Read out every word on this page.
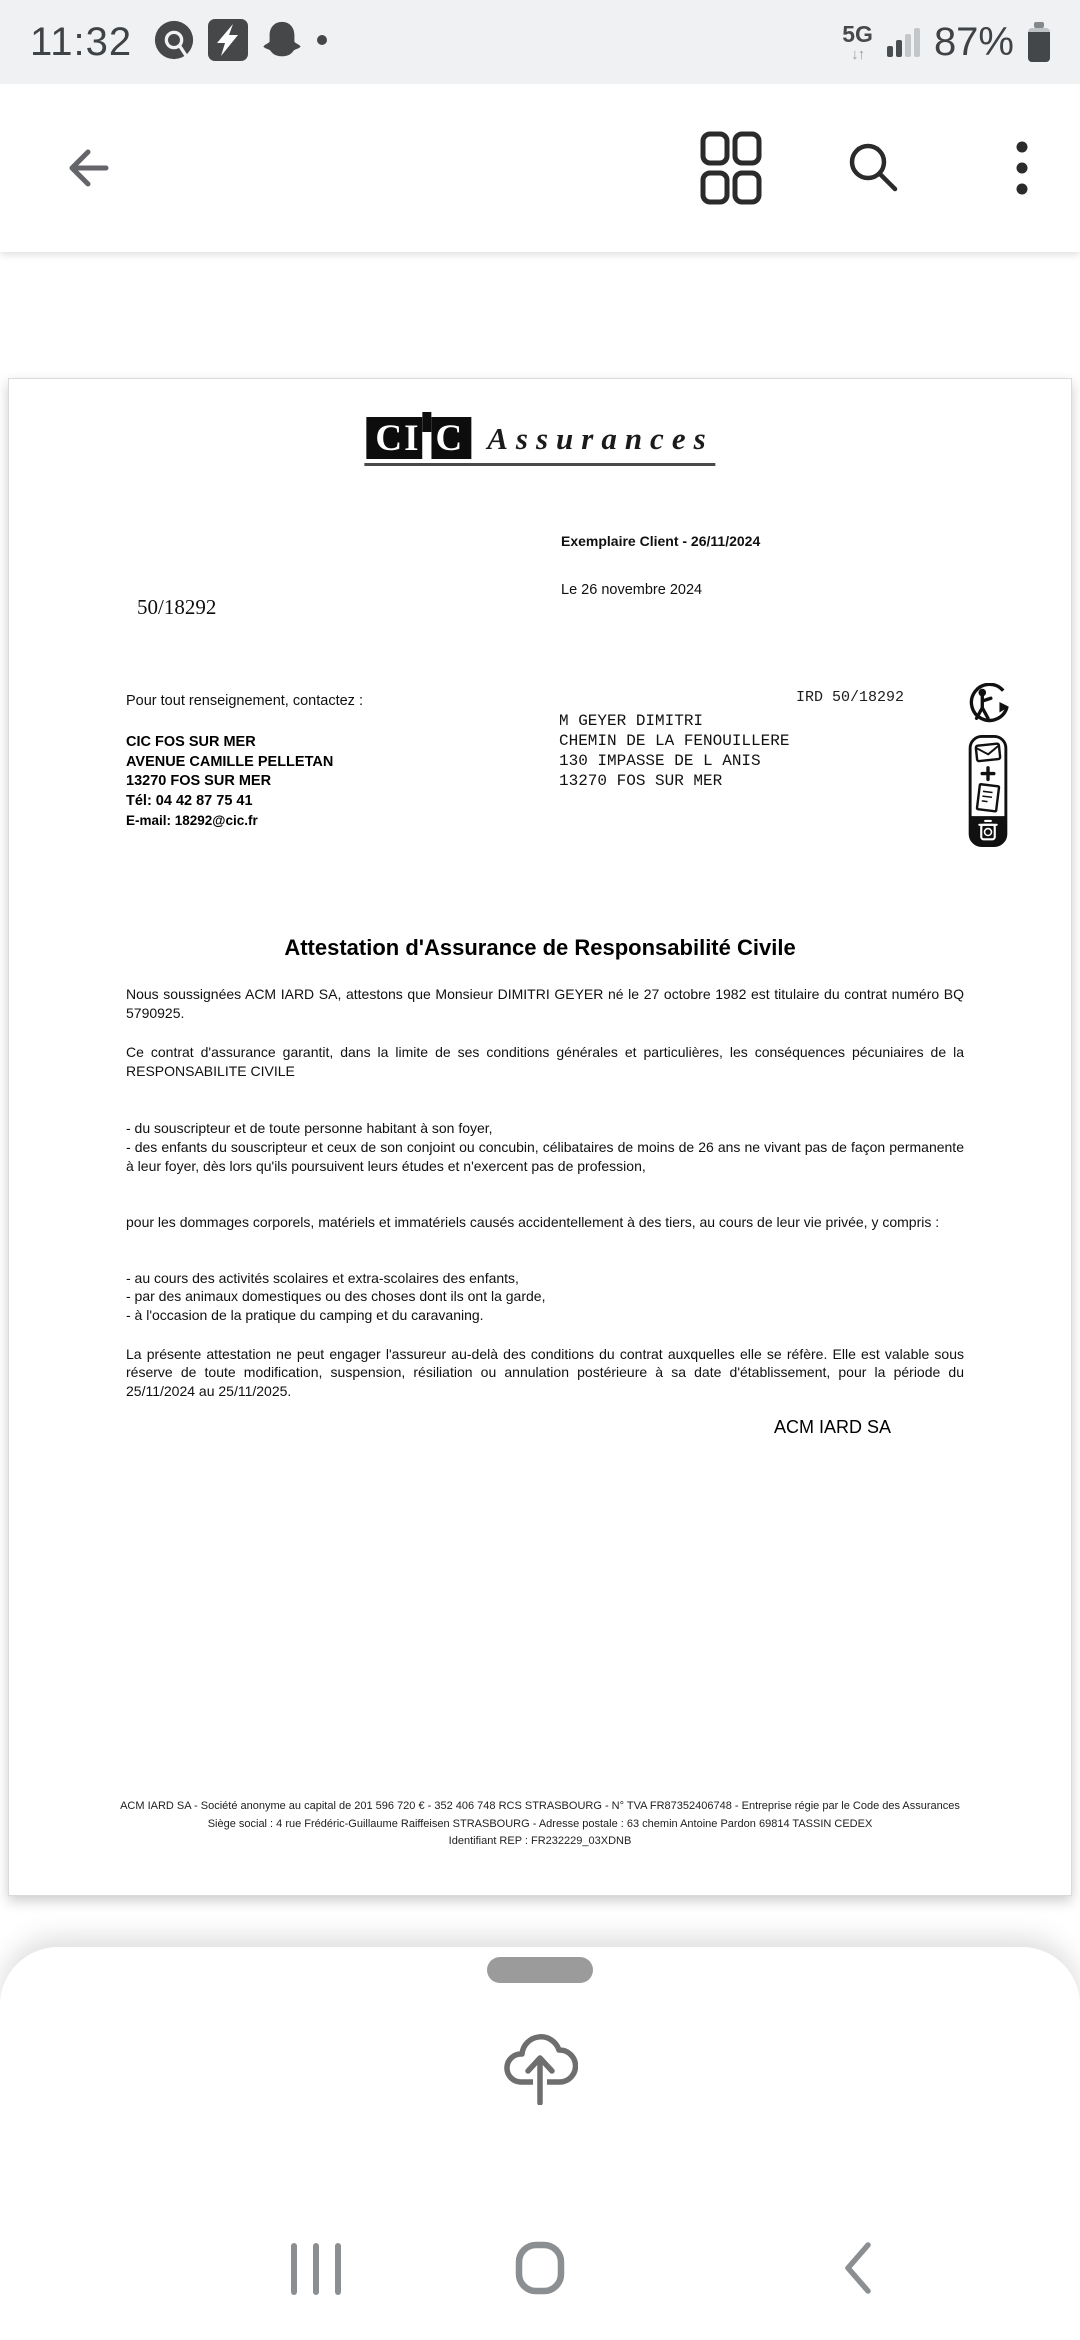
11:32	5G
↓↑ 87%
CI C Assurances
Exemplaire Client - 26/11/2024
Le 26 novembre 2024
50/18292
Pour tout renseignement, contactez :
CIC FOS SUR MER
AVENUE CAMILLE PELLETAN
13270 FOS SUR MER
Tél: 04 42 87 75 41
E-mail: 18292@cic.fr
IRD 50/18292
M GEYER DIMITRI
CHEMIN DE LA FENOUILLERE
130 IMPASSE DE L ANIS
13270 FOS SUR MER
Attestation d'Assurance de Responsabilité Civile

Nous soussignées ACM IARD SA, attestons que Monsieur DIMITRI GEYER né le 27 octobre 1982 est titulaire du contrat numéro BQ 5790925.

Ce contrat d'assurance garantit, dans la limite de ses conditions générales et particulières, les conséquences pécuniaires de la RESPONSABILITE CIVILE

- du souscripteur et de toute personne habitant à son foyer,
- des enfants du souscripteur et ceux de son conjoint ou concubin, célibataires de moins de 26 ans ne vivant pas de façon permanente à leur foyer, dès lors qu'ils poursuivent leurs études et n'exercent pas de profession,

pour les dommages corporels, matériels et immatériels causés accidentellement à des tiers, au cours de leur vie privée, y compris :

- au cours des activités scolaires et extra-scolaires des enfants,
- par des animaux domestiques ou des choses dont ils ont la garde,
- à l'occasion de la pratique du camping et du caravaning.

La présente attestation ne peut engager l'assureur au-delà des conditions du contrat auxquelles elle se réfère. Elle est valable sous réserve de toute modification, suspension, résiliation ou annulation postérieure à sa date d'établissement, pour la période du 25/11/2024 au 25/11/2025.

ACM IARD SA
ACM IARD SA - Société anonyme au capital de 201 596 720 € - 352 406 748 RCS STRASBOURG - N° TVA FR87352406748 - Entreprise régie par le Code des Assurances
Siège social : 4 rue Frédéric-Guillaume Raiffeisen STRASBOURG - Adresse postale : 63 chemin Antoine Pardon 69814 TASSIN CEDEX
Identifiant REP : FR232229_03XDNB
